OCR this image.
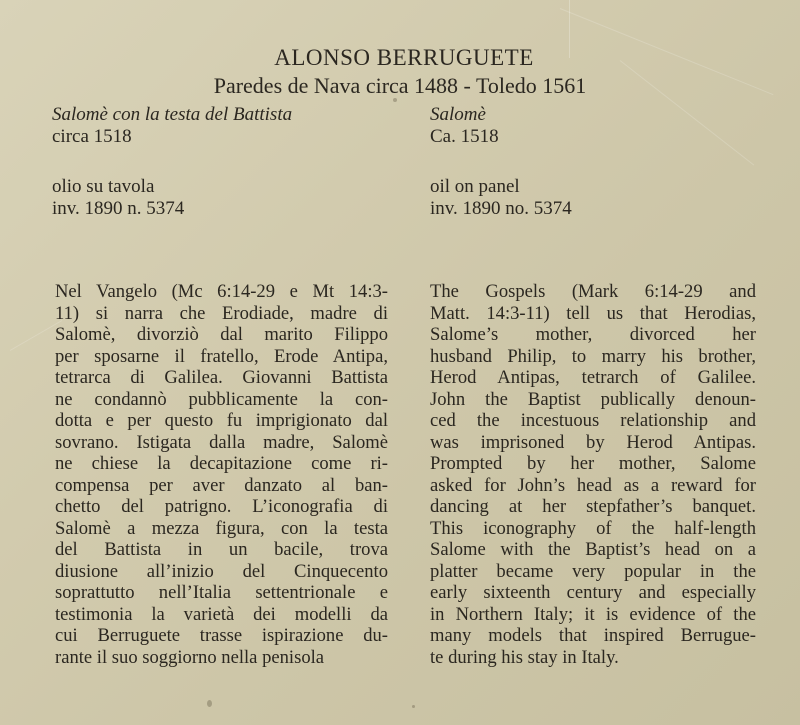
ALONSO BERRUGUETE
Paredes de Nava circa 1488 - Toledo 1561
Salomè con la testa del Battista
circa 1518
olio su tavola
inv. 1890 n. 5374
Salomè
Ca. 1518
oil on panel
inv. 1890 no. 5374
Nel Vangelo (Mc 6:14-29 e Mt 14:3-
11) si narra che Erodiade, madre di
Salomè, divorziò dal marito Filippo
per sposarne il fratello, Erode Antipa,
tetrarca di Galilea. Giovanni Battista
ne condannò pubblicamente la con-
dotta e per questo fu imprigionato dal
sovrano. Istigata dalla madre, Salomè
ne chiese la decapitazione come ri-
compensa per aver danzato al ban-
chetto del patrigno. L’iconografia di
Salomè a mezza figura, con la testa
del Battista in un bacile, trova
diusione all’inizio del Cinquecento
soprattutto nell’Italia settentrionale e
testimonia la varietà dei modelli da
cui Berruguete trasse ispirazione du-
rante il suo soggiorno nella penisola
The Gospels (Mark 6:14-29 and
Matt. 14:3-11) tell us that Herodias,
Salome’s mother, divorced her
husband Philip, to marry his brother,
Herod Antipas, tetrarch of Galilee.
John the Baptist publically denoun-
ced the incestuous relationship and
was imprisoned by Herod Antipas.
Prompted by her mother, Salome
asked for John’s head as a reward for
dancing at her stepfather’s banquet.
This iconography of the half-length
Salome with the Baptist’s head on a
platter became very popular in the
early sixteenth century and especially
in Northern Italy; it is evidence of the
many models that inspired Berrugue-
te during his stay in Italy.
